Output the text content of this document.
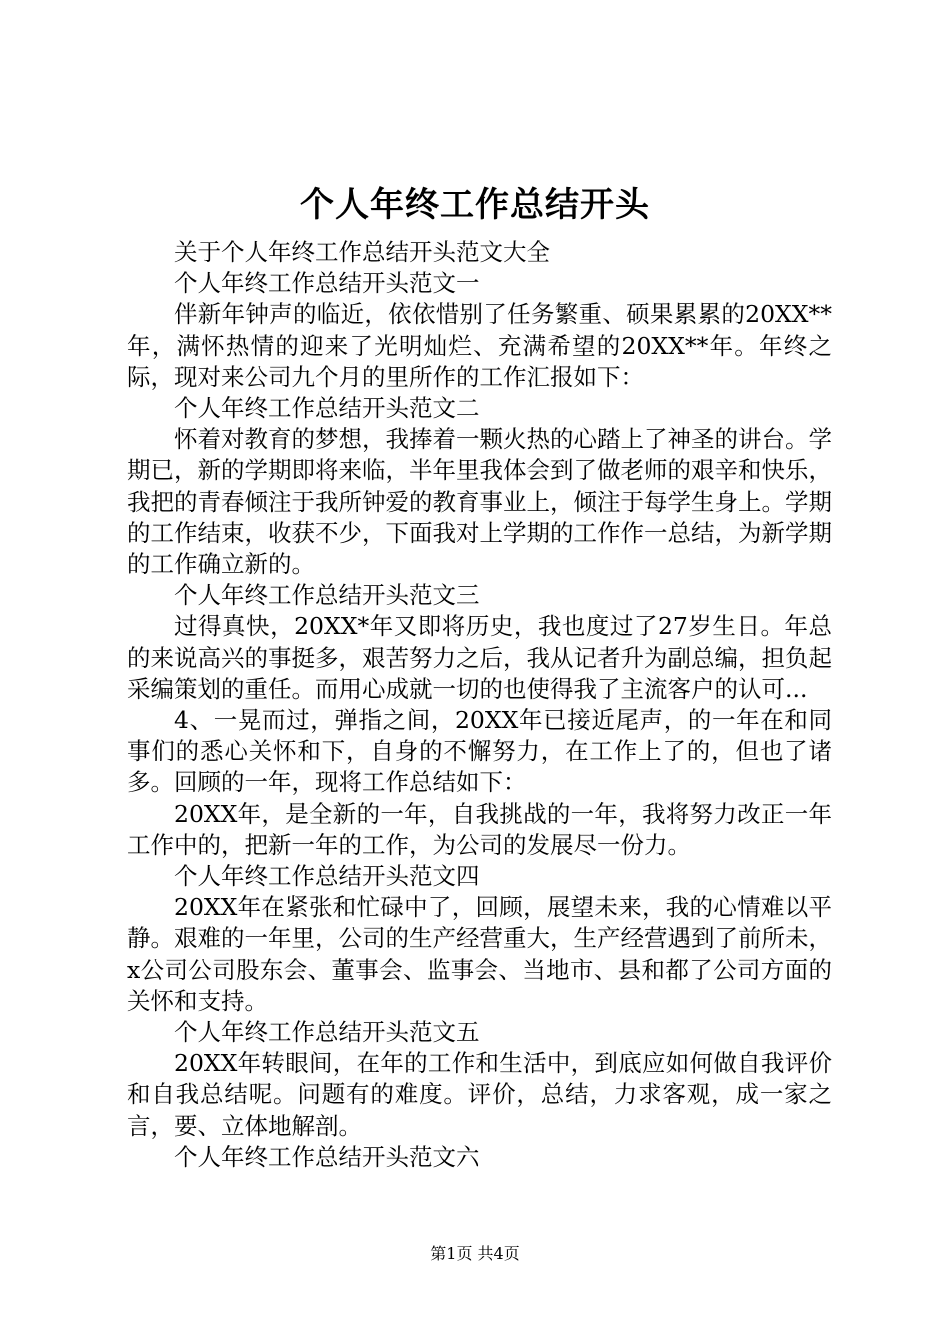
个人年终工作总结开头

关于个人年终工作总结开头范文大全

个人年终工作总结开头范文一

伴新年钟声的临近，依依惜别了任务繁重、硕果累累的20XX**年，满怀热情的迎来了光明灿烂、充满希望的20XX**年。年终之际，现对来公司九个月的里所作的工作汇报如下：

个人年终工作总结开头范文二

怀着对教育的梦想，我捧着一颗火热的心踏上了神圣的讲台。学期已，新的学期即将来临，半年里我体会到了做老师的艰辛和快乐，我把的青春倾注于我所钟爱的教育事业上，倾注于每学生身上。学期的工作结束，收获不少，下面我对上学期的工作作一总结，为新学期的工作确立新的。

个人年终工作总结开头范文三

过得真快，20XX*年又即将历史，我也度过了27岁生日。年总的来说高兴的事挺多，艰苦努力之后，我从记者升为副总编，担负起采编策划的重任。而用心成就一切的也使得我了主流客户的认可...

4、一晃而过，弹指之间，20XX年已接近尾声，的一年在和同事们的悉心关怀和下，自身的不懈努力，在工作上了的，但也了诸多。回顾的一年，现将工作总结如下：

20XX年，是全新的一年，自我挑战的一年，我将努力改正一年工作中的，把新一年的工作，为公司的发展尽一份力。

个人年终工作总结开头范文四

20XX年在紧张和忙碌中了，回顾，展望未来，我的心情难以平静。艰难的一年里，公司的生产经营重大，生产经营遇到了前所未，x公司公司股东会、董事会、监事会、当地市、县和都了公司方面的关怀和支持。

个人年终工作总结开头范文五

20XX年转眼间，在年的工作和生活中，到底应如何做自我评价和自我总结呢。问题有的难度。评价，总结，力求客观，成一家之言，要、立体地解剖。

个人年终工作总结开头范文六

第1页 共4页
